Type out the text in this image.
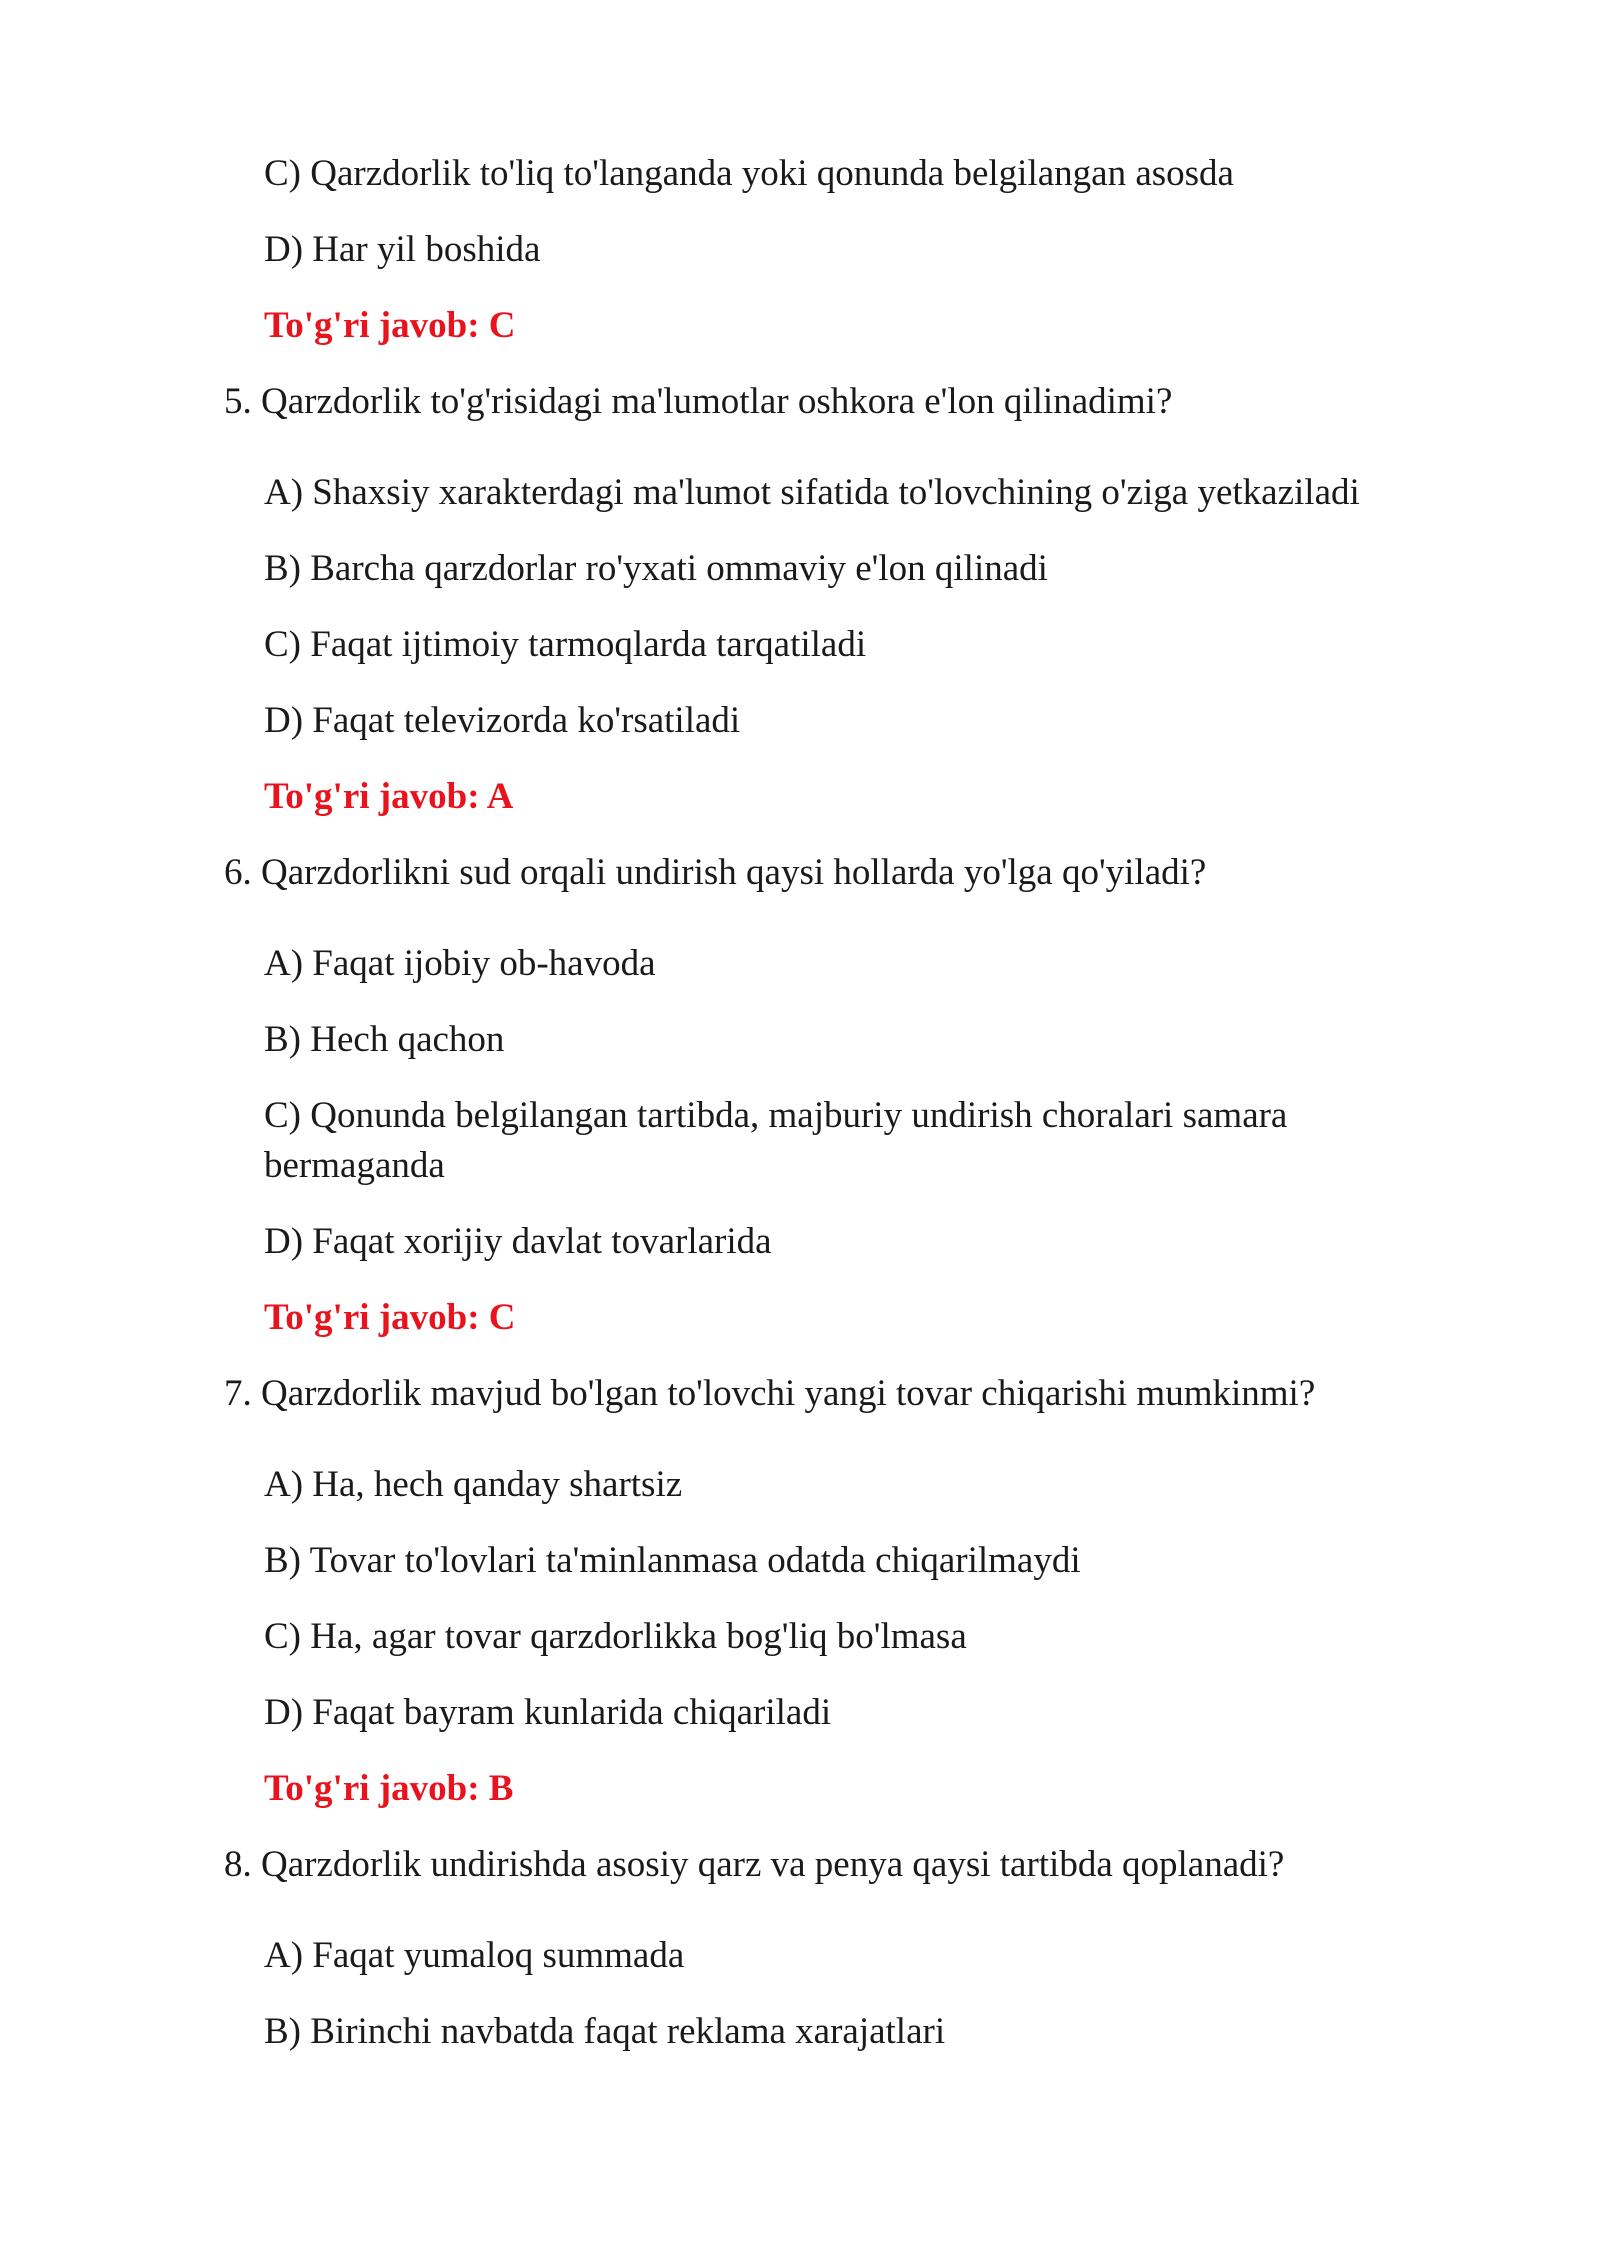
C) Qarzdorlik to'liq to'langanda yoki qonunda belgilangan asosda
D) Har yil boshida
To'g'ri javob: C
5. Qarzdorlik to'g'risidagi ma'lumotlar oshkora e'lon qilinadimi?
A) Shaxsiy xarakterdagi ma'lumot sifatida to'lovchining o'ziga yetkaziladi
B) Barcha qarzdorlar ro'yxati ommaviy e'lon qilinadi
C) Faqat ijtimoiy tarmoqlarda tarqatiladi
D) Faqat televizorda ko'rsatiladi
To'g'ri javob: A
6. Qarzdorlikni sud orqali undirish qaysi hollarda yo'lga qo'yiladi?
A) Faqat ijobiy ob-havoda
B) Hech qachon
C) Qonunda belgilangan tartibda, majburiy undirish choralari samara bermaganda
D) Faqat xorijiy davlat tovarlarida
To'g'ri javob: C
7. Qarzdorlik mavjud bo'lgan to'lovchi yangi tovar chiqarishi mumkinmi?
A) Ha, hech qanday shartsiz
B) Tovar to'lovlari ta'minlanmasa odatda chiqarilmaydi
C) Ha, agar tovar qarzdorlikka bog'liq bo'lmasa
D) Faqat bayram kunlarida chiqariladi
To'g'ri javob: B
8. Qarzdorlik undirishda asosiy qarz va penya qaysi tartibda qoplanadi?
A) Faqat yumaloq summada
B) Birinchi navbatda faqat reklama xarajatlari
